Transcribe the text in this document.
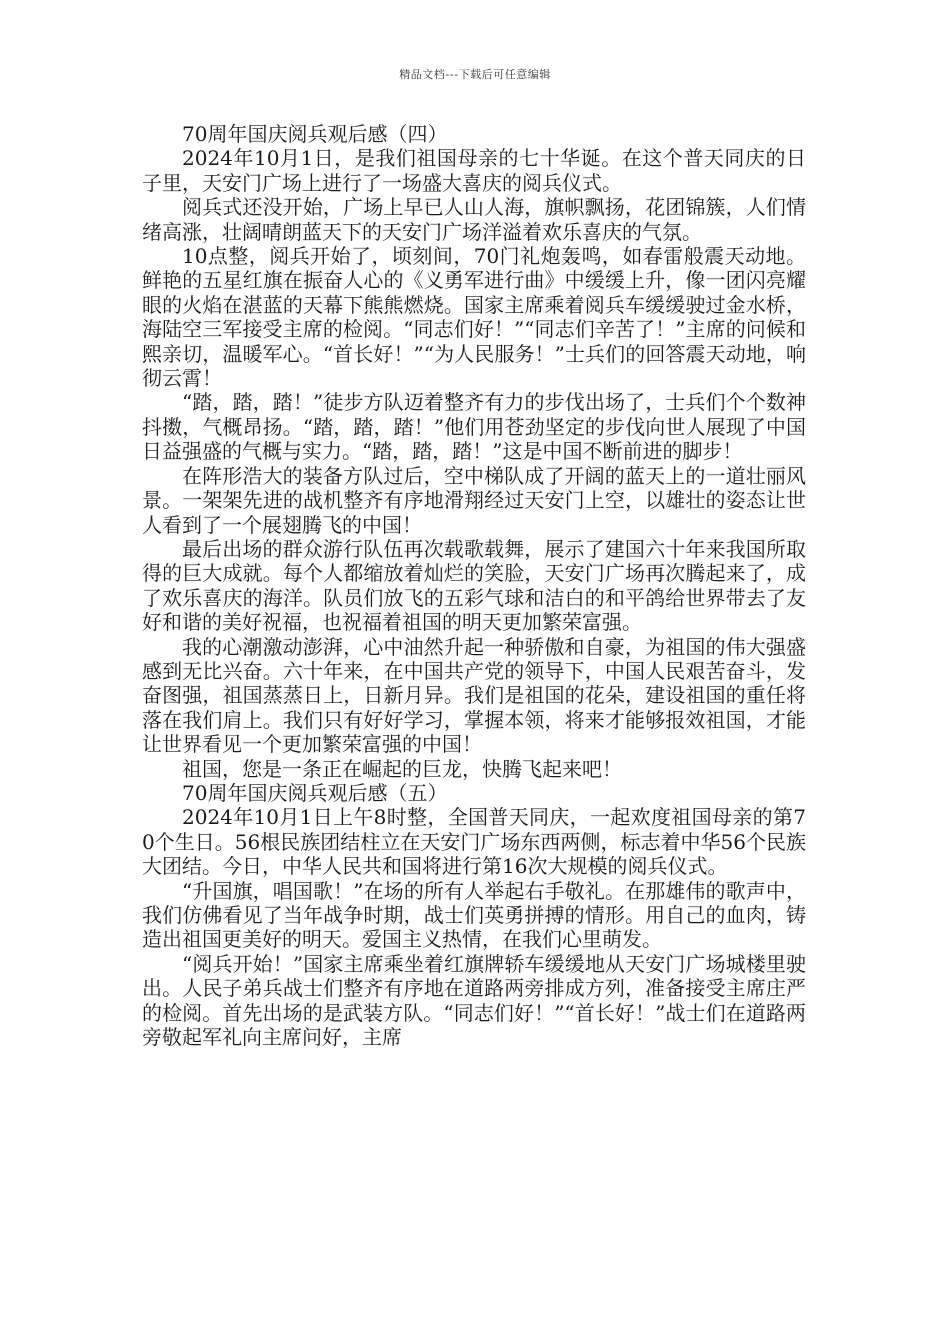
精品文档---下载后可任意编辑

70周年国庆阅兵观后感（四）

2024年10月1日，是我们祖国母亲的七十华诞。在这个普天同庆的日子里，天安门广场上进行了一场盛大喜庆的阅兵仪式。

阅兵式还没开始，广场上早已人山人海，旗帜飘扬，花团锦簇，人们情绪高涨，壮阔晴朗蓝天下的天安门广场洋溢着欢乐喜庆的气氛。

10点整，阅兵开始了，顷刻间，70门礼炮轰鸣，如春雷般震天动地。鲜艳的五星红旗在振奋人心的《义勇军进行曲》中缓缓上升，像一团闪亮耀眼的火焰在湛蓝的天幕下熊熊燃烧。国家主席乘着阅兵车缓缓驶过金水桥，海陆空三军接受主席的检阅。“同志们好！”“同志们辛苦了！”主席的问候和熙亲切，温暖军心。“首长好！”“为人民服务！”士兵们的回答震天动地，响彻云霄！

“踏，踏，踏！”徒步方队迈着整齐有力的步伐出场了，士兵们个个数神抖擞，气概昂扬。“踏，踏，踏！”他们用苍劲坚定的步伐向世人展现了中国日益强盛的气概与实力。“踏，踏，踏！”这是中国不断前进的脚步！

在阵形浩大的装备方队过后，空中梯队成了开阔的蓝天上的一道壮丽风景。一架架先进的战机整齐有序地滑翔经过天安门上空，以雄壮的姿态让世人看到了一个展翅腾飞的中国！

最后出场的群众游行队伍再次载歌载舞，展示了建国六十年来我国所取得的巨大成就。每个人都缩放着灿烂的笑脸，天安门广场再次腾起来了，成了欢乐喜庆的海洋。队员们放飞的五彩气球和洁白的和平鸽给世界带去了友好和谐的美好祝福，也祝福着祖国的明天更加繁荣富强。

我的心潮激动澎湃，心中油然升起一种骄傲和自豪，为祖国的伟大强盛感到无比兴奋。六十年来，在中国共产党的领导下，中国人民艰苦奋斗，发奋图强，祖国蒸蒸日上，日新月异。我们是祖国的花朵，建设祖国的重任将落在我们肩上。我们只有好好学习，掌握本领，将来才能够报效祖国，才能让世界看见一个更加繁荣富强的中国！

祖国，您是一条正在崛起的巨龙，快腾飞起来吧！

70周年国庆阅兵观后感（五）

2024年10月1日上午8时整，全国普天同庆，一起欢度祖国母亲的第70个生日。56根民族团结柱立在天安门广场东西两侧，标志着中华56个民族大团结。今日，中华人民共和国将进行第16次大规模的阅兵仪式。

“升国旗，唱国歌！”在场的所有人举起右手敬礼。在那雄伟的歌声中，我们仿佛看见了当年战争时期，战士们英勇拼搏的情形。用自己的血肉，铸造出祖国更美好的明天。爱国主义热情，在我们心里萌发。

“阅兵开始！”国家主席乘坐着红旗牌轿车缓缓地从天安门广场城楼里驶出。人民子弟兵战士们整齐有序地在道路两旁排成方列，准备接受主席庄严的检阅。首先出场的是武装方队。“同志们好！”“首长好！”战士们在道路两旁敬起军礼向主席问好，主席
